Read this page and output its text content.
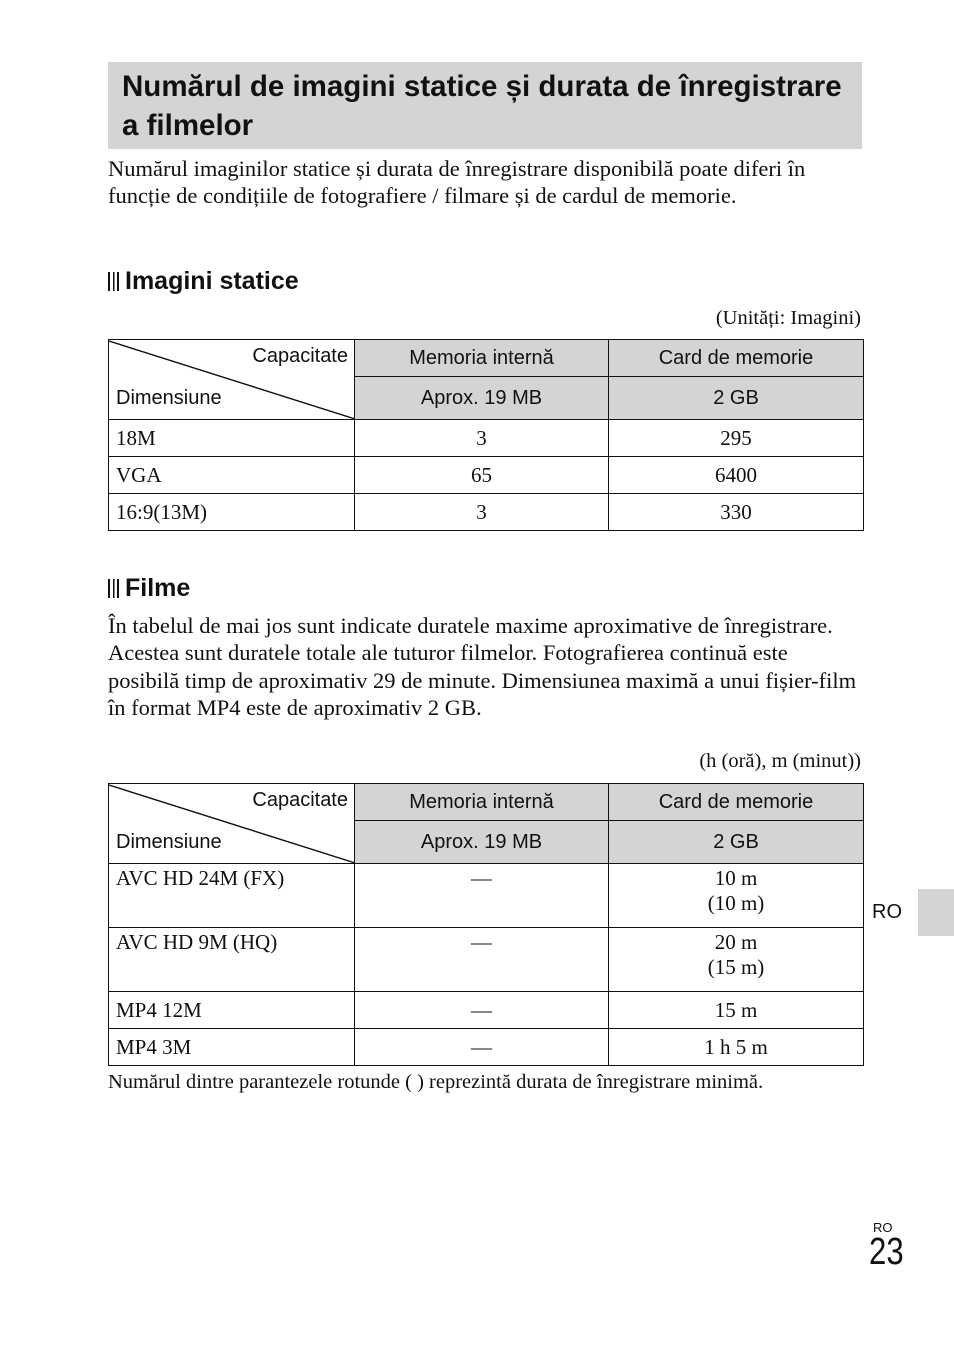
Numărul de imagini statice și durata de înregistrare a filmelor

Numărul imaginilor statice și durata de înregistrare disponibilă poate diferi în funcție de condițiile de fotografiere / filmare și de cardul de memorie.

Imagini statice
(Unități: Imagini)
Capacitate
Dimensiune	Memoria internă	Card de memorie
	Aprox. 19 MB	2 GB
18M	3	295
VGA	65	6400
16:9(13M)	3	330
Filme

În tabelul de mai jos sunt indicate duratele maxime aproximative de înregistrare. Acestea sunt duratele totale ale tuturor filmelor. Fotografierea continuă este posibilă timp de aproximativ 29 de minute. Dimensiunea maximă a unui fișier-film în format MP4 este de aproximativ 2 GB.

(h (oră), m (minut))
Capacitate
Dimensiune	Memoria internă	Card de memorie
	Aprox. 19 MB	2 GB
AVC HD 24M (FX)	—	10 m
(10 m)

AVC HD 9M (HQ)	—	20 m
(15 m)

MP4 12M	—	15 m
MP4 3M	—	1 h 5 m

Numărul dintre parantezele rotunde ( ) reprezintă durata de înregistrare minimă.

RO
RO
23
